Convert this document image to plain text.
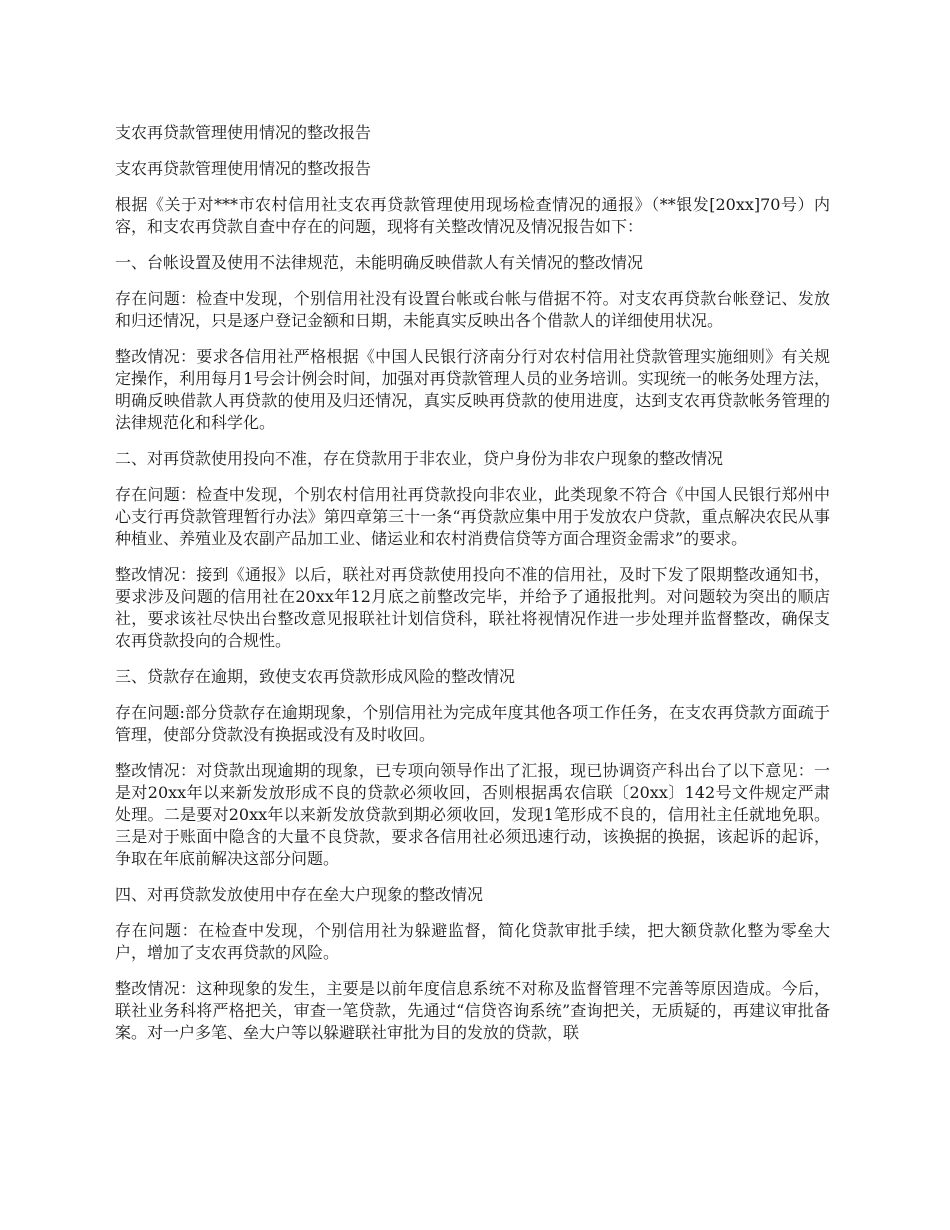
支农再贷款管理使用情况的整改报告

支农再贷款管理使用情况的整改报告

根据《关于对***市农村信用社支农再贷款管理使用现场检查情况的通报》（**银发[20xx]70号）内容，和支农再贷款自查中存在的问题，现将有关整改情况及情况报告如下：

一、台帐设置及使用不法律规范，未能明确反映借款人有关情况的整改情况

存在问题：检查中发现，个别信用社没有设置台帐或台帐与借据不符。对支农再贷款台帐登记、发放和归还情况，只是逐户登记金额和日期，未能真实反映出各个借款人的详细使用状况。

整改情况：要求各信用社严格根据《中国人民银行济南分行对农村信用社贷款管理实施细则》有关规定操作，利用每月1号会计例会时间，加强对再贷款管理人员的业务培训。实现统一的帐务处理方法，明确反映借款人再贷款的使用及归还情况，真实反映再贷款的使用进度，达到支农再贷款帐务管理的法律规范化和科学化。

二、对再贷款使用投向不准，存在贷款用于非农业，贷户身份为非农户现象的整改情况

存在问题：检查中发现，个别农村信用社再贷款投向非农业，此类现象不符合《中国人民银行郑州中心支行再贷款管理暂行办法》第四章第三十一条“再贷款应集中用于发放农户贷款，重点解决农民从事种植业、养殖业及农副产品加工业、储运业和农村消费信贷等方面合理资金需求”的要求。

整改情况：接到《通报》以后，联社对再贷款使用投向不准的信用社，及时下发了限期整改通知书，要求涉及问题的信用社在20xx年12月底之前整改完毕，并给予了通报批判。对问题较为突出的顺店社，要求该社尽快出台整改意见报联社计划信贷科，联社将视情况作进一步处理并监督整改，确保支农再贷款投向的合规性。

三、贷款存在逾期，致使支农再贷款形成风险的整改情况

存在问题:部分贷款存在逾期现象，个别信用社为完成年度其他各项工作任务，在支农再贷款方面疏于管理，使部分贷款没有换据或没有及时收回。

整改情况：对贷款出现逾期的现象，已专项向领导作出了汇报，现已协调资产科出台了以下意见：一是对20xx年以来新发放形成不良的贷款必须收回，否则根据禹农信联〔20xx〕142号文件规定严肃处理。二是要对20xx年以来新发放贷款到期必须收回，发现1笔形成不良的，信用社主任就地免职。三是对于账面中隐含的大量不良贷款，要求各信用社必须迅速行动，该换据的换据，该起诉的起诉，争取在年底前解决这部分问题。

四、对再贷款发放使用中存在垒大户现象的整改情况

存在问题：在检查中发现，个别信用社为躲避监督，简化贷款审批手续，把大额贷款化整为零垒大户，增加了支农再贷款的风险。

整改情况：这种现象的发生，主要是以前年度信息系统不对称及监督管理不完善等原因造成。今后，联社业务科将严格把关，审查一笔贷款，先通过“信贷咨询系统”查询把关，无质疑的，再建议审批备案。对一户多笔、垒大户等以躲避联社审批为目的发放的贷款，联
